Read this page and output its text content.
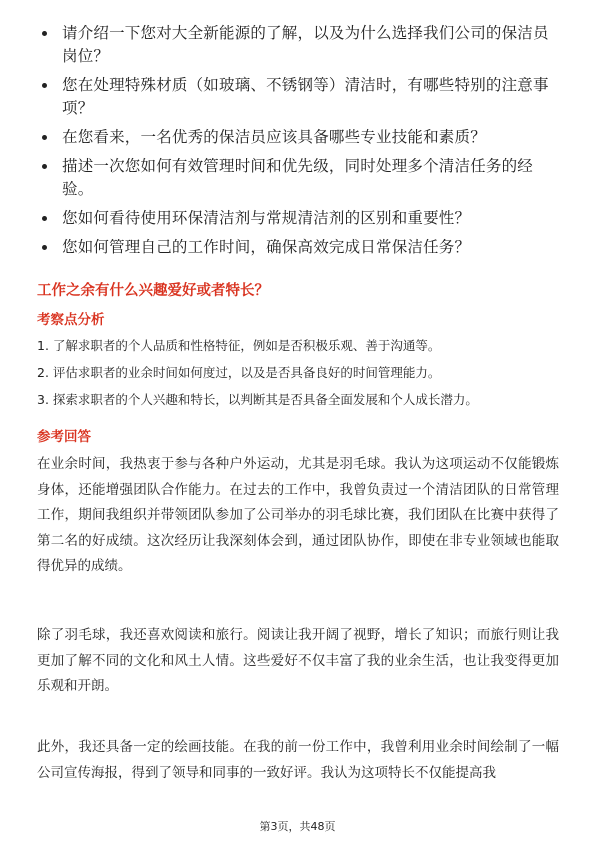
请介绍一下您对大全新能源的了解，以及为什么选择我们公司的保洁员岗位？
您在处理特殊材质（如玻璃、不锈钢等）清洁时，有哪些特别的注意事项？
在您看来，一名优秀的保洁员应该具备哪些专业技能和素质？
描述一次您如何有效管理时间和优先级，同时处理多个清洁任务的经验。
您如何看待使用环保清洁剂与常规清洁剂的区别和重要性？
您如何管理自己的工作时间，确保高效完成日常保洁任务？
工作之余有什么兴趣爱好或者特长？
考察点分析
1. 了解求职者的个人品质和性格特征，例如是否积极乐观、善于沟通等。
2. 评估求职者的业余时间如何度过，以及是否具备良好的时间管理能力。
3. 探索求职者的个人兴趣和特长，以判断其是否具备全面发展和个人成长潜力。
参考回答

在业余时间，我热衷于参与各种户外运动，尤其是羽毛球。我认为这项运动不仅能锻炼身体，还能增强团队合作能力。在过去的工作中，我曾负责过一个清洁团队的日常管理工作，期间我组织并带领团队参加了公司举办的羽毛球比赛，我们团队在比赛中获得了第二名的好成绩。这次经历让我深刻体会到，通过团队协作，即使在非专业领域也能取得优异的成绩。

除了羽毛球，我还喜欢阅读和旅行。阅读让我开阔了视野，增长了知识；而旅行则让我更加了解不同的文化和风土人情。这些爱好不仅丰富了我的业余生活，也让我变得更加乐观和开朗。

此外，我还具备一定的绘画技能。在我的前一份工作中，我曾利用业余时间绘制了一幅公司宣传海报，得到了领导和同事的一致好评。我认为这项特长不仅能提高我

第3页，共48页
